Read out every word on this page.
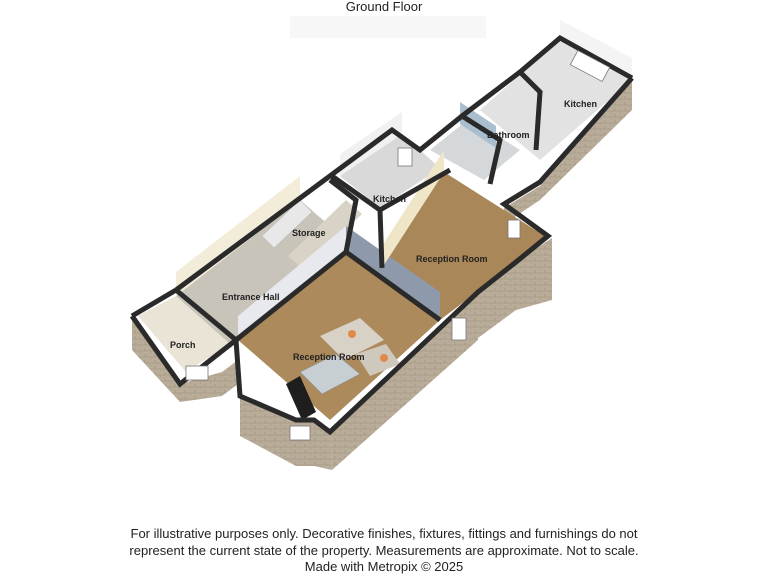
Ground Floor
Porch
Entrance Hall
Storage
Kitchen
Reception Room
Reception Room
Bathroom
Kitchen
For illustrative purposes only. Decorative finishes, fixtures, fittings and furnishings do not
represent the current state of the property. Measurements are approximate. Not to scale.
Made with Metropix © 2025
